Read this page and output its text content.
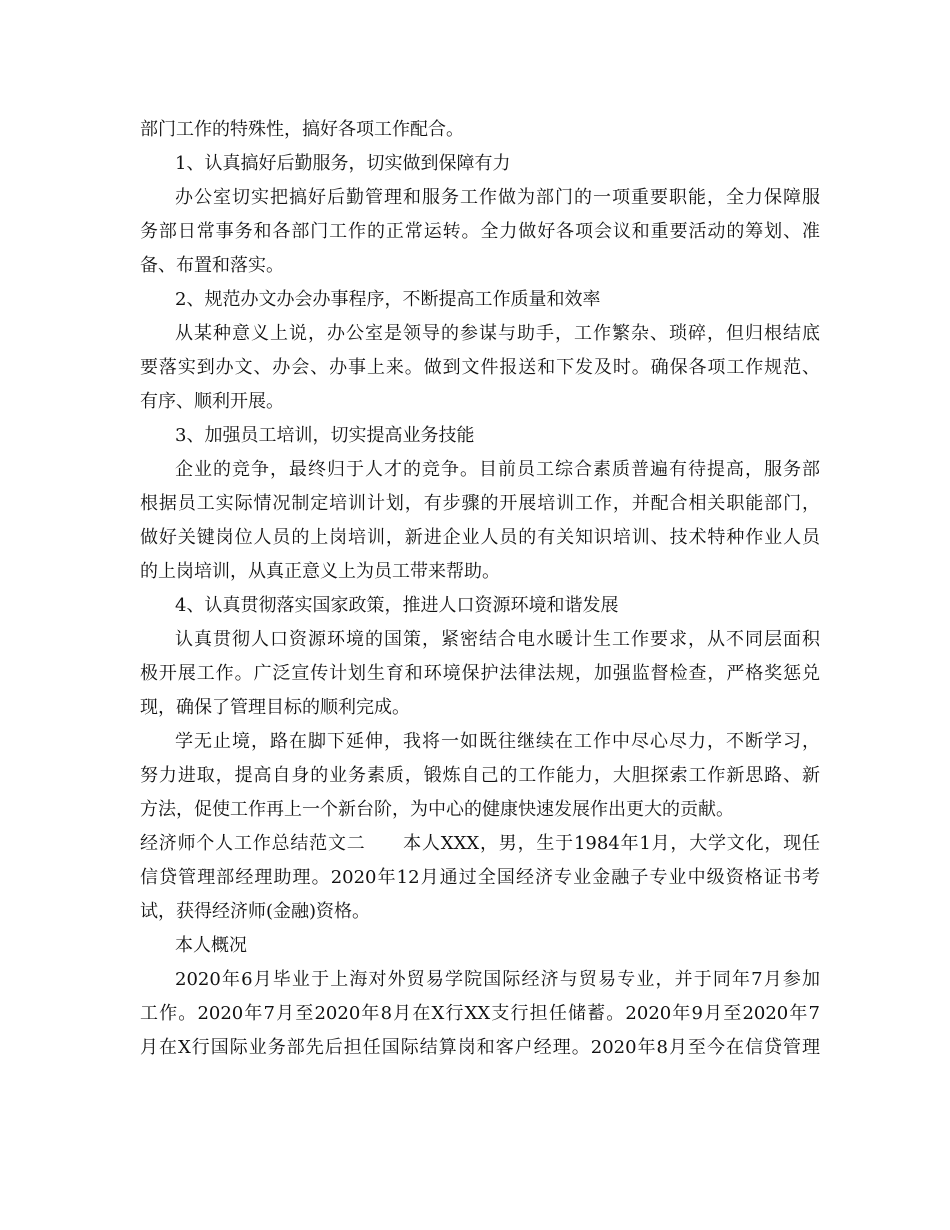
部门工作的特殊性，搞好各项工作配合。
1、认真搞好后勤服务，切实做到保障有力
办公室切实把搞好后勤管理和服务工作做为部门的一项重要职能，全力保障服
务部日常事务和各部门工作的正常运转。全力做好各项会议和重要活动的筹划、准
备、布置和落实。
2、规范办文办会办事程序，不断提高工作质量和效率
从某种意义上说，办公室是领导的参谋与助手，工作繁杂、琐碎，但归根结底
要落实到办文、办会、办事上来。做到文件报送和下发及时。确保各项工作规范、
有序、顺利开展。
3、加强员工培训，切实提高业务技能
企业的竞争，最终归于人才的竞争。目前员工综合素质普遍有待提高，服务部
根据员工实际情况制定培训计划，有步骤的开展培训工作，并配合相关职能部门，
做好关键岗位人员的上岗培训，新进企业人员的有关知识培训、技术特种作业人员
的上岗培训，从真正意义上为员工带来帮助。
4、认真贯彻落实国家政策，推进人口资源环境和谐发展
认真贯彻人口资源环境的国策，紧密结合电水暖计生工作要求，从不同层面积
极开展工作。广泛宣传计划生育和环境保护法律法规，加强监督检查，严格奖惩兑
现，确保了管理目标的顺利完成。
学无止境，路在脚下延伸，我将一如既往继续在工作中尽心尽力，不断学习，
努力进取，提高自身的业务素质，锻炼自己的工作能力，大胆探索工作新思路、新
方法，促使工作再上一个新台阶，为中心的健康快速发展作出更大的贡献。
经济师个人工作总结范文二　　本人XXX，男，生于1984年1月，大学文化，现任
信贷管理部经理助理。2020年12月通过全国经济专业金融子专业中级资格证书考
试，获得经济师(金融)资格。
本人概况
2020年6月毕业于上海对外贸易学院国际经济与贸易专业，并于同年7月参加
工作。2020年7月至2020年8月在X行XX支行担任储蓄。2020年9月至2020年7
月在X行国际业务部先后担任国际结算岗和客户经理。2020年8月至今在信贷管理
